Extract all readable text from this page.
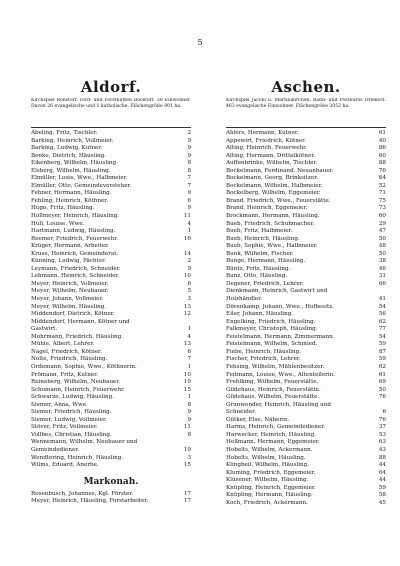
5
Aldorf.
Kirchspiel Bonstorf. Dorf- und Forsthütten Boostorf. 30 Einwohner. Davon 26 evangelische und 1 katholische. Flächengröße 801 ha.
Abeling, Fritz, Tischler.	2
Barking, Heinrich, Vollmeier.	9
Barking, Ludwig, Kutner.	9
Benke, Dietrich, Häusling.	9
Eikenberg, Wilhelm, Häusling.	8
Elsberg, Wilhelm, Häusling.	8
Elmüller, Louis, Wwe., Halbmeier.	7
Elmüller, Otto, Gemeindevorsteher.	7
Fehner, Hermann, Häusling.	9
Fehling, Heinrich, Köthner.	6
Hugo, Fritz, Häusling.	9
Hollmeyer, Heinrich, Häusling.	11
Hull, Louise, Wwe.	4
Hartmann, Ludwig, Häusling.	1
Reemer, Friedrich, Feuerwehr.	16
Krüger, Hermann, Arbeiter.
Kruse, Heinrich, Gemeinderat.	14
Künning, Ludwig, Pächter.	2
Leymann, Friedrich, Schneider.	9
Lehmann, Heinrich, Schneider.	10
Meyer, Heinrich, Vollmeier.	6
Meyer, Wilhelm, Neubauer.	5
Meyer, Johann, Vollmeier.	3
Meyer, Wilhelm, Häusling.	13
Middendorf, Dietrich, Kötner.	12
Middendorf, Hermann, Kötner und
Gastwirt.	1
Mohrmann, Friedrich, Häusling.	4
Mühle, Albert, Lehrer.	13
Nagel, Friedrich, Kötner.	6
Nolte, Friedrich, Häusling.	7
Ordemann, Sophie, Wwe., Köthnerin.	1
Prömann, Fritz, Kutner.	10
Reineberg, Wilhelm, Neubauer.	10
Schumann, Heinrich, Feuerwehr.	15
Schwarze, Ludwig, Häusling.	1
Siemer, Anna, Wwe.	8
Siemer, Friedrich, Häusling.	9
Siemer, Ludwig, Vollmeier.	9
Stöver, Fritz, Vollmeier.	11
Vollbes, Christian, Häusling.	8
Wennemann, Wilhelm, Neubauer und
Gemeindediener.	19
Wendtering, Heinrich, Häusling.	3
Wilms, Eduard, Anerbe.	15
Markonah.
Rosenbusch, Johannes, Kgl. Förster.	17
Meyer, Heinrich, Häusling, Forstarbeiter.	17
Aschen.
Kirchspiel Jacobi u. Martinikirchen. Bahn- und Postbüros Dreikost. 463 evangelische Einwohner. Flächengröße 2053 ha.
Ahlers, Hermann, Kutner.	61
Appewirt, Friedrich, Kötner.	40
Alting, Heinrich, Feuerwehr.	86
Alting, Hermann, Drittelkötner.	60
Auffenbrinke, Wilhelm, Tischler.	88
Bockelmann, Ferdinand, Neuanbauer.	76
Bockelmann, Georg, Brinksitzer.	64
Bockelmann, Wilhelm, Halbmeier.	52
Bockelberg, Wilhelm, Eggemeier.	71
Brand, Friedrich, Wwe., Feuerstätte.	75
Brand, Heinrich, Eggemeier.	73
Brockmann, Hermann, Häusling.	60
Bueb, Friedrich, Schuhmacher.	29
Bueb, Fritz, Halbmeier.	47
Bueb, Heinrich, Häusling.	50
Bueb, Sophie, Wwe., Halbmeier.	48
Bunk, Wilhelm, Fischer.	50
Bunge, Hermann, Häusling.	38
Büntz, Fritz, Häusling.	46
Bunz, Otto, Häusling.	31
Degener, Friedrich, Lehrer.	66
Dienkmann, Heinrich, Gastwirt und
Holzhändler.	41
Dörenkamp, Johann, Wwe., Hofbesitz.	54
Eiler, Johann, Häusling.	56
Engelking, Friedrich, Häusling.	62
Falkmeyer, Christoph, Häusling.	77
Feistelmann, Hermann, Zimmermann.	54
Feistelmann, Wilhelm, Schmied.	59
Fiebe, Heinrich, Häusling.	87
Fischer, Friedrich, Lehrer.	59
Fehsing, Wilhelm, Mühlenbesitzer.	62
Feitmann, Louise, Wwe., Altenteilerin.	61
Frehlking, Wilhelm, Feuerstätte.	69
Gildehaus, Heinrich, Feuerstätte.	50
Gildehaus, Wilhelm, Feuerstätte.	76
Grunwender, Heinrich, Häusling und
Schneider.	6
Gütker, Else, Näherin.	76
Harms, Heinrich, Gemeindediener.	37
Harwecker, Heinrich, Häusling.	53
Heßmann, Hermann, Eggemeier.	63
Hobelts, Wilhelm, Ackermann.	43
Hobelts, Wilhelm, Häusling.	88
Klingbeil, Wilhelm, Häusling.	44
Kluming, Friedrich, Eggemeier.	64
Klüsener, Wilhelm, Häusling.	44
Knüpling, Heinrich, Eggemeier.	59
Knüpling, Hermann, Häusling.	58
Koch, Friedrich, Ackermann.	45
